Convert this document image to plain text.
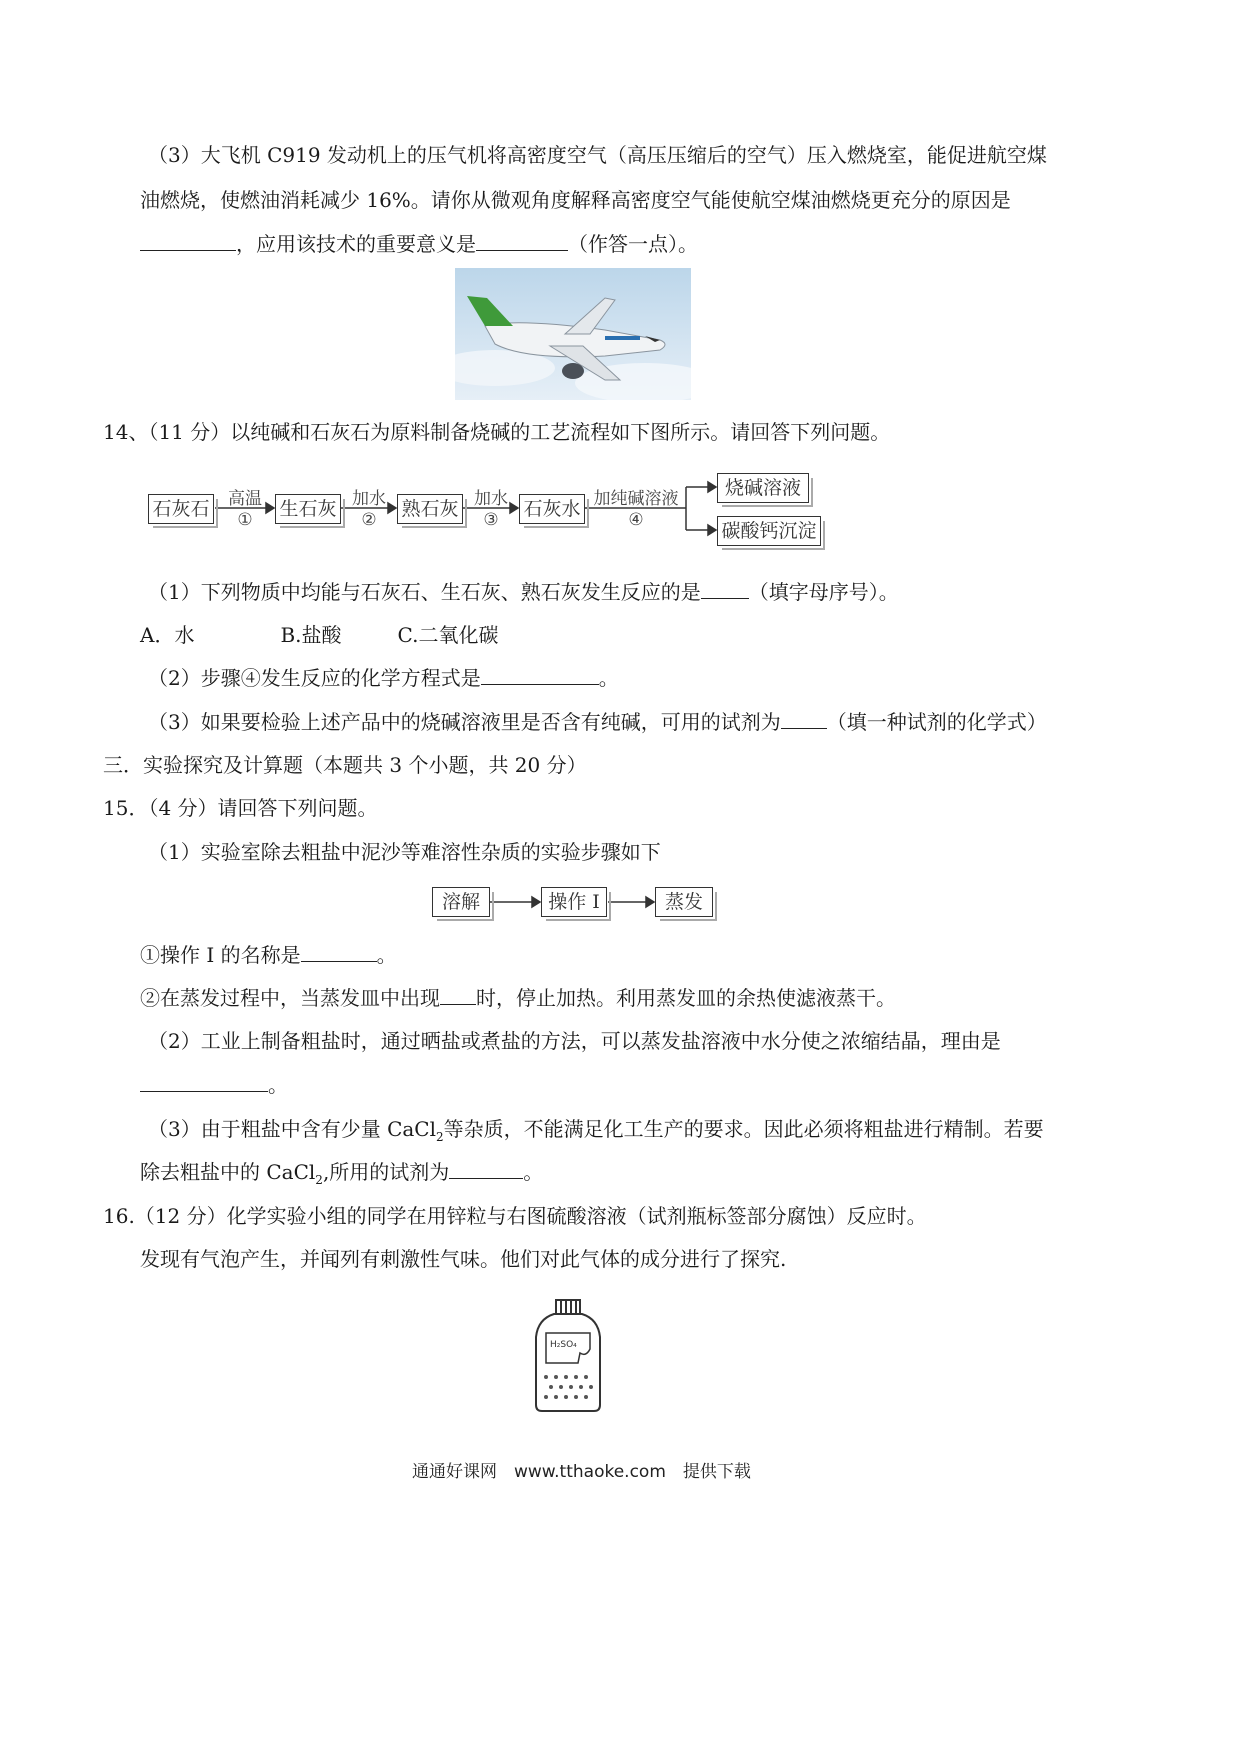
（3）大飞机 C919 发动机上的压气机将高密度空气（高压压缩后的空气）压入燃烧室，能促进航空煤
油燃烧，使燃油消耗减少 16%。请你从微观角度解释高密度空气能使航空煤油燃烧更充分的原因是
，应用该技术的重要意义是	（作答一点）。
14、（11 分）以纯碱和石灰石为原料制备烧碱的工艺流程如下图所示。请回答下列问题。
石灰石	生石灰	熟石灰	石灰水
烧碱溶液
碳酸钙沉淀
高温
①
加水
②
加水
③
加纯碱溶液
④
（1）下列物质中均能与石灰石、生石灰、熟石灰发生反应的是 （填字母序号）。
A．水	B.盐酸	C.二氧化碳
（2）步骤④发生反应的化学方程式是	。
（3）如果要检验上述产品中的烧碱溶液里是否含有纯碱，可用的试剂为 （填一种试剂的化学式）
三．实验探究及计算题（本题共 3 个小题，共 20 分）
15．（4 分）请回答下列问题。
（1）实验室除去粗盐中泥沙等难溶性杂质的实验步骤如下
溶解	操作 I	蒸发
①操作 I 的名称是	。
②在蒸发过程中，当蒸发皿中出现 时，停止加热。利用蒸发皿的余热使滤液蒸干。
（2）工业上制备粗盐时，通过晒盐或煮盐的方法，可以蒸发盐溶液中水分使之浓缩结晶，理由是
。
（3）由于粗盐中含有少量 CaCl$_2$等杂质，不能满足化工生产的要求。因此必须将粗盐进行精制。若要
除去粗盐中的 CaCl$_2$,所用的试剂为	。
16.（12 分）化学实验小组的同学在用锌粒与右图硫酸溶液（试剂瓶标签部分腐蚀）反应时。
发现有气泡产生，并闻列有刺激性气味。他们对此气体的成分进行了探究.
H₂SO₄
通通好课网　www.tthaoke.com　提供下载
